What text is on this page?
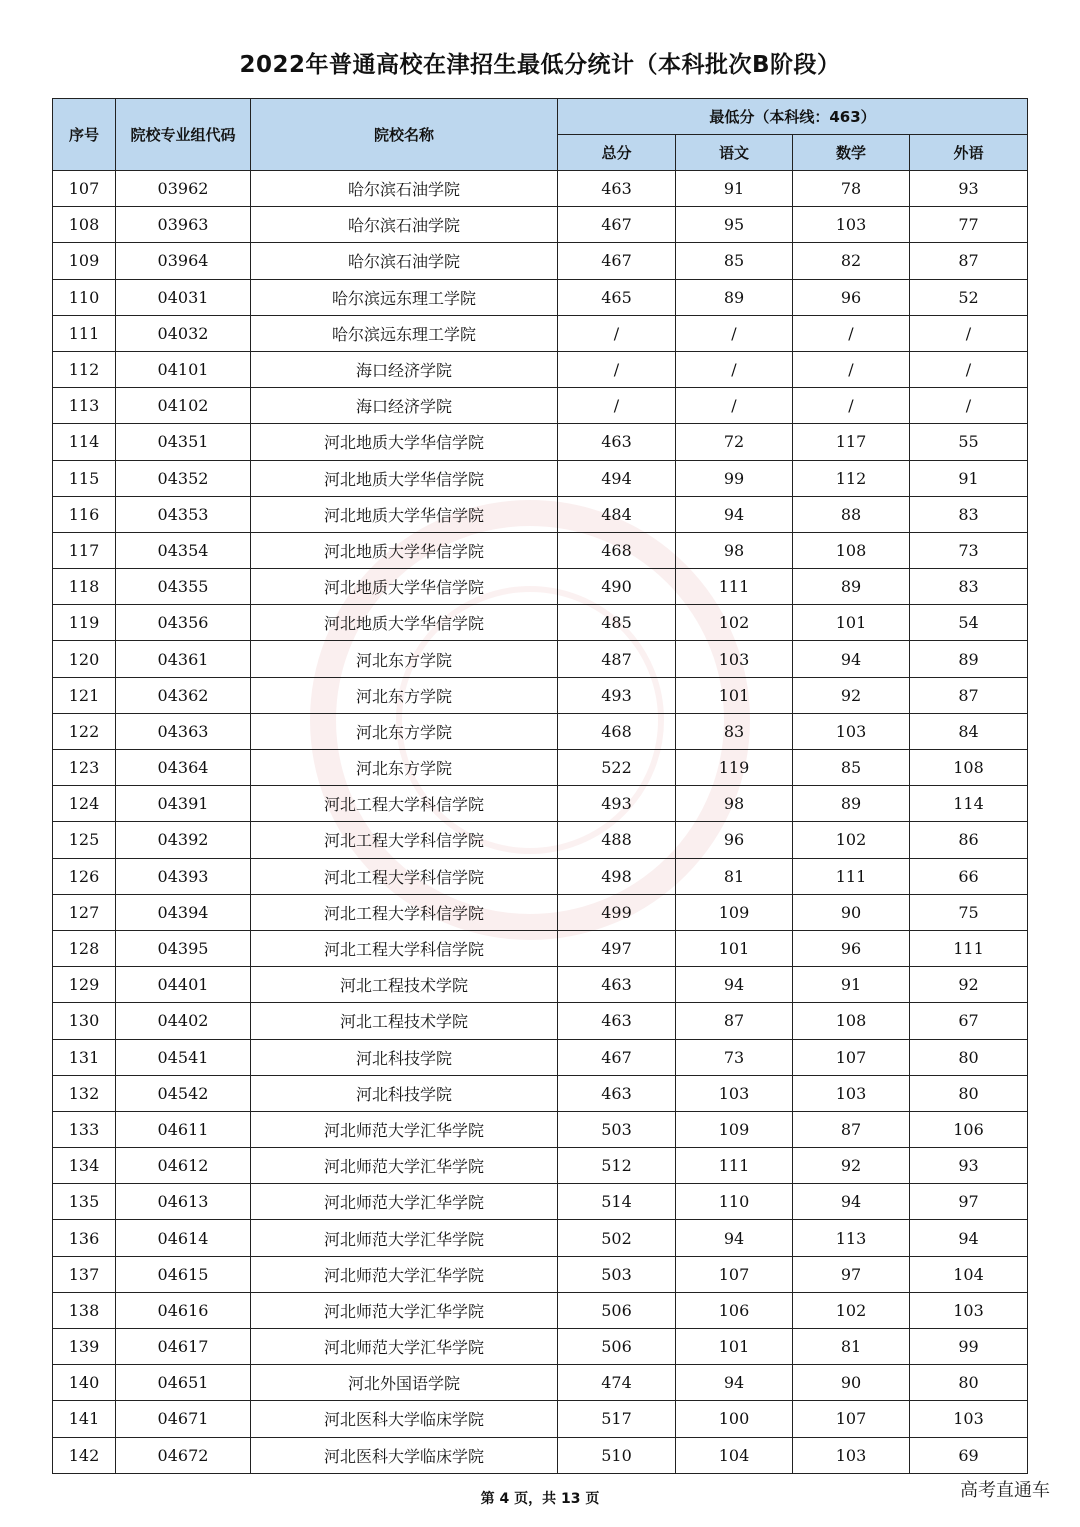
2022年普通高校在津招生最低分统计（本科批次B阶段）
序号	院校专业组代码	院校名称	最低分（本科线：463）			
			总分	语文	数学	外语
107	03962	哈尔滨石油学院	463	91	78	93
108	03963	哈尔滨石油学院	467	95	103	77
109	03964	哈尔滨石油学院	467	85	82	87
110	04031	哈尔滨远东理工学院	465	89	96	52
111	04032	哈尔滨远东理工学院	/	/	/	/
112	04101	海口经济学院	/	/	/	/
113	04102	海口经济学院	/	/	/	/
114	04351	河北地质大学华信学院	463	72	117	55
115	04352	河北地质大学华信学院	494	99	112	91
116	04353	河北地质大学华信学院	484	94	88	83
117	04354	河北地质大学华信学院	468	98	108	73
118	04355	河北地质大学华信学院	490	111	89	83
119	04356	河北地质大学华信学院	485	102	101	54
120	04361	河北东方学院	487	103	94	89
121	04362	河北东方学院	493	101	92	87
122	04363	河北东方学院	468	83	103	84
123	04364	河北东方学院	522	119	85	108
124	04391	河北工程大学科信学院	493	98	89	114
125	04392	河北工程大学科信学院	488	96	102	86
126	04393	河北工程大学科信学院	498	81	111	66
127	04394	河北工程大学科信学院	499	109	90	75
128	04395	河北工程大学科信学院	497	101	96	111
129	04401	河北工程技术学院	463	94	91	92
130	04402	河北工程技术学院	463	87	108	67
131	04541	河北科技学院	467	73	107	80
132	04542	河北科技学院	463	103	103	80
133	04611	河北师范大学汇华学院	503	109	87	106
134	04612	河北师范大学汇华学院	512	111	92	93
135	04613	河北师范大学汇华学院	514	110	94	97
136	04614	河北师范大学汇华学院	502	94	113	94
137	04615	河北师范大学汇华学院	503	107	97	104
138	04616	河北师范大学汇华学院	506	106	102	103
139	04617	河北师范大学汇华学院	506	101	81	99
140	04651	河北外国语学院	474	94	90	80
141	04671	河北医科大学临床学院	517	100	107	103
142	04672	河北医科大学临床学院	510	104	103	69
第 4 页，共 13 页	高考直通车
